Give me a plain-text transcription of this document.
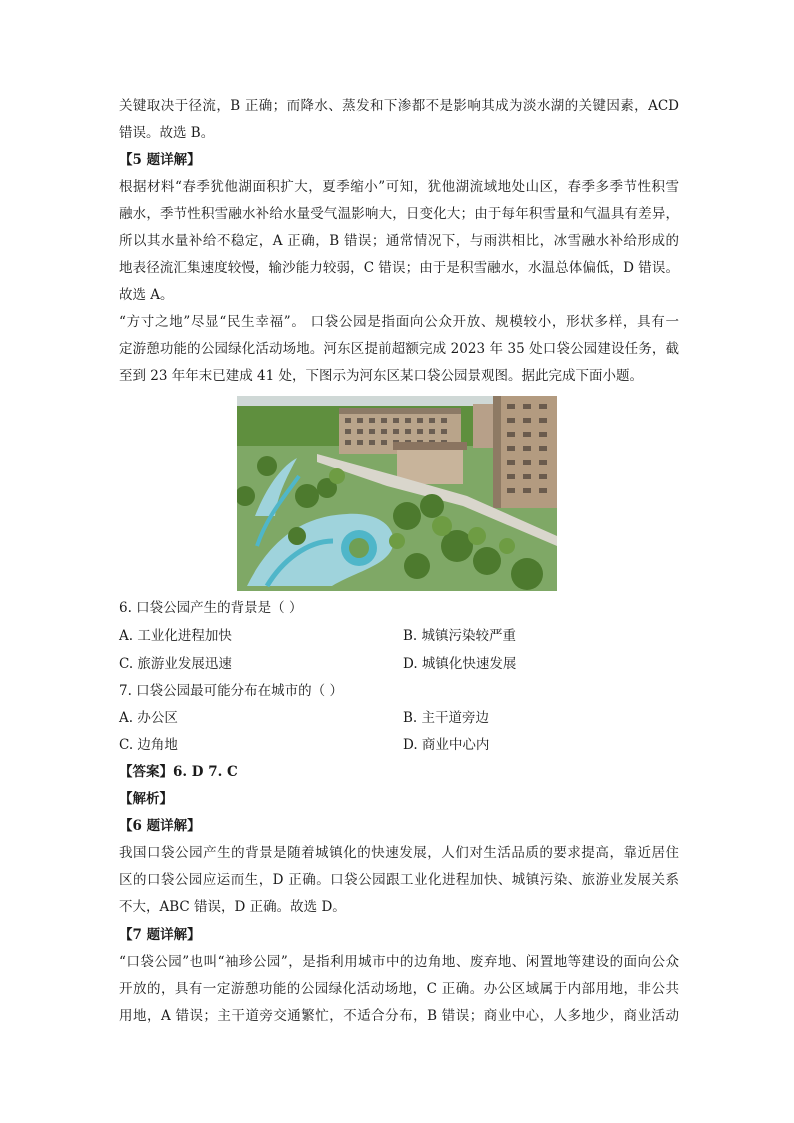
关键取决于径流，B 正确；而降水、蒸发和下渗都不是影响其成为淡水湖的关键因素，ACD
错误。故选 B。
【5 题详解】
根据材料“春季犹他湖面积扩大，夏季缩小”可知，犹他湖流域地处山区，春季多季节性积雪
融水，季节性积雪融水补给水量受气温影响大，日变化大；由于每年积雪量和气温具有差异，
所以其水量补给不稳定，A 正确，B 错误；通常情况下，与雨洪相比，冰雪融水补给形成的
地表径流汇集速度较慢，输沙能力较弱，C 错误；由于是积雪融水，水温总体偏低，D 错误。
故选 A。
“方寸之地”尽显“民生幸福”。 口袋公园是指面向公众开放、规模较小，形状多样，具有一
定游憩功能的公园绿化活动场地。河东区提前超额完成 2023 年 35 处口袋公园建设任务，截
至到 23 年年末已建成 41 处，下图示为河东区某口袋公园景观图。据此完成下面小题。
6. 口袋公园产生的背景是（ ）
A. 工业化进程加快	B. 城镇污染较严重
C. 旅游业发展迅速	D. 城镇化快速发展
7. 口袋公园最可能分布在城市的（ ）
A. 办公区	B. 主干道旁边
C. 边角地	D. 商业中心内
【答案】6. D 7. C
【解析】
【6 题详解】
我国口袋公园产生的背景是随着城镇化的快速发展，人们对生活品质的要求提高，靠近居住
区的口袋公园应运而生，D 正确。口袋公园跟工业化进程加快、城镇污染、旅游业发展关系
不大，ABC 错误，D 正确。故选 D。
【7 题详解】
“口袋公园”也叫“袖珍公园”，是指利用城市中的边角地、废弃地、闲置地等建设的面向公众
开放的，具有一定游憩功能的公园绿化活动场地，C 正确。办公区域属于内部用地，非公共
用地，A 错误；主干道旁交通繁忙，不适合分布，B 错误；商业中心，人多地少，商业活动
